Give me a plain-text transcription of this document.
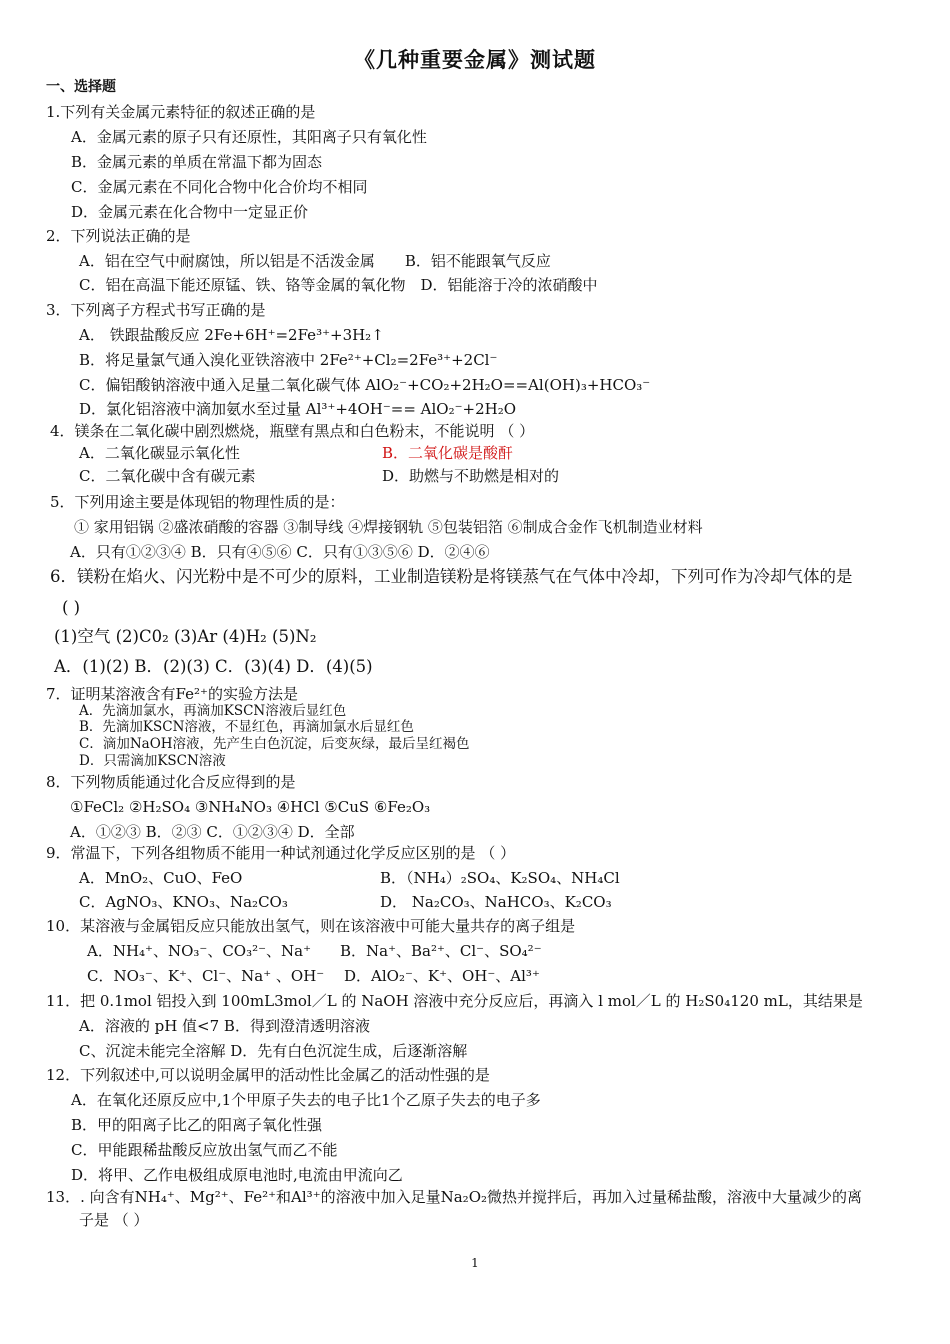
《几种重要金属》测试题
一、选择题
1.下列有关金属元素特征的叙述正确的是
A．金属元素的原子只有还原性，其阳离子只有氧化性
B．金属元素的单质在常温下都为固态
C．金属元素在不同化合物中化合价均不相同
D．金属元素在化合物中一定显正价
2．下列说法正确的是
A．铝在空气中耐腐蚀，所以铝是不活泼金属　　B．铝不能跟氧气反应
C．铝在高温下能还原锰、铁、铬等金属的氧化物　D．铝能溶于冷的浓硝酸中
3．下列离子方程式书写正确的是
A． 铁跟盐酸反应 2Fe+6H⁺=2Fe³⁺+3H₂↑
B．将足量氯气通入溴化亚铁溶液中 2Fe²⁺+Cl₂=2Fe³⁺+2Cl⁻
C．偏铝酸钠溶液中通入足量二氧化碳气体 AlO₂⁻+CO₂+2H₂O==Al(OH)₃+HCO₃⁻
D．氯化铝溶液中滴加氨水至过量 Al³⁺+4OH⁻== AlO₂⁻+2H₂O
4．镁条在二氧化碳中剧烈燃烧，瓶壁有黑点和白色粉末，不能说明 （ ）
A．二氧化碳显示氧化性	B．二氧化碳是酸酐
C．二氧化碳中含有碳元素	D．助燃与不助燃是相对的
5．下列用途主要是体现铝的物理性质的是：
① 家用铝锅 ②盛浓硝酸的容器 ③制导线 ④焊接钢轨 ⑤包装铝箔 ⑥制成合金作飞机制造业材料
A．只有①②③④ B．只有④⑤⑥ C．只有①③⑤⑥ D．②④⑥
6．镁粉在焰火、闪光粉中是不可少的原料，工业制造镁粉是将镁蒸气在气体中冷却，下列可作为冷却气体的是
( )
(1)空气 (2)C0₂ (3)Ar (4)H₂ (5)N₂
A．(1)(2) B．(2)(3) C．(3)(4) D．(4)(5)
7．证明某溶液含有Fe²⁺的实验方法是
A．先滴加氯水，再滴加KSCN溶液后显红色
B．先滴加KSCN溶液，不显红色，再滴加氯水后显红色
C．滴加NaOH溶液，先产生白色沉淀，后变灰绿，最后呈红褐色
D．只需滴加KSCN溶液
8．下列物质能通过化合反应得到的是
①FeCl₂ ②H₂SO₄ ③NH₄NO₃ ④HCl ⑤CuS ⑥Fe₂O₃
A．①②③ B．②③ C．①②③④ D．全部
9．常温下，下列各组物质不能用一种试剂通过化学反应区别的是 （ ）
A．MnO₂、CuO、FeO	B．（NH₄）₂SO₄、K₂SO₄、NH₄Cl
C．AgNO₃、KNO₃、Na₂CO₃	D． Na₂CO₃、NaHCO₃、K₂CO₃
10．某溶液与金属铝反应只能放出氢气，则在该溶液中可能大量共存的离子组是
A．NH₄⁺、NO₃⁻、CO₃²⁻、Na⁺ B．Na⁺、Ba²⁺、Cl⁻、SO₄²⁻
C．NO₃⁻、K⁺、Cl⁻、Na⁺ 、OH⁻ D．AlO₂⁻、K⁺、OH⁻、Al³⁺
11．把 0.1mol 铝投入到 100mL3mol／L 的 NaOH 溶液中充分反应后，再滴入 l mol／L 的 H₂S0₄120 mL，其结果是
A．溶液的 pH 值<7 B．得到澄清透明溶液
C、沉淀未能完全溶解 D．先有白色沉淀生成，后逐渐溶解
12．下列叙述中,可以说明金属甲的活动性比金属乙的活动性强的是
A．在氧化还原反应中,1个甲原子失去的电子比1个乙原子失去的电子多
B．甲的阳离子比乙的阳离子氧化性强
C．甲能跟稀盐酸反应放出氢气而乙不能
D．将甲、乙作电极组成原电池时,电流由甲流向乙
13．. 向含有NH₄⁺、Mg²⁺、Fe²⁺和Al³⁺的溶液中加入足量Na₂O₂微热并搅拌后，再加入过量稀盐酸，溶液中大量减少的离
子是 （ ）
1
